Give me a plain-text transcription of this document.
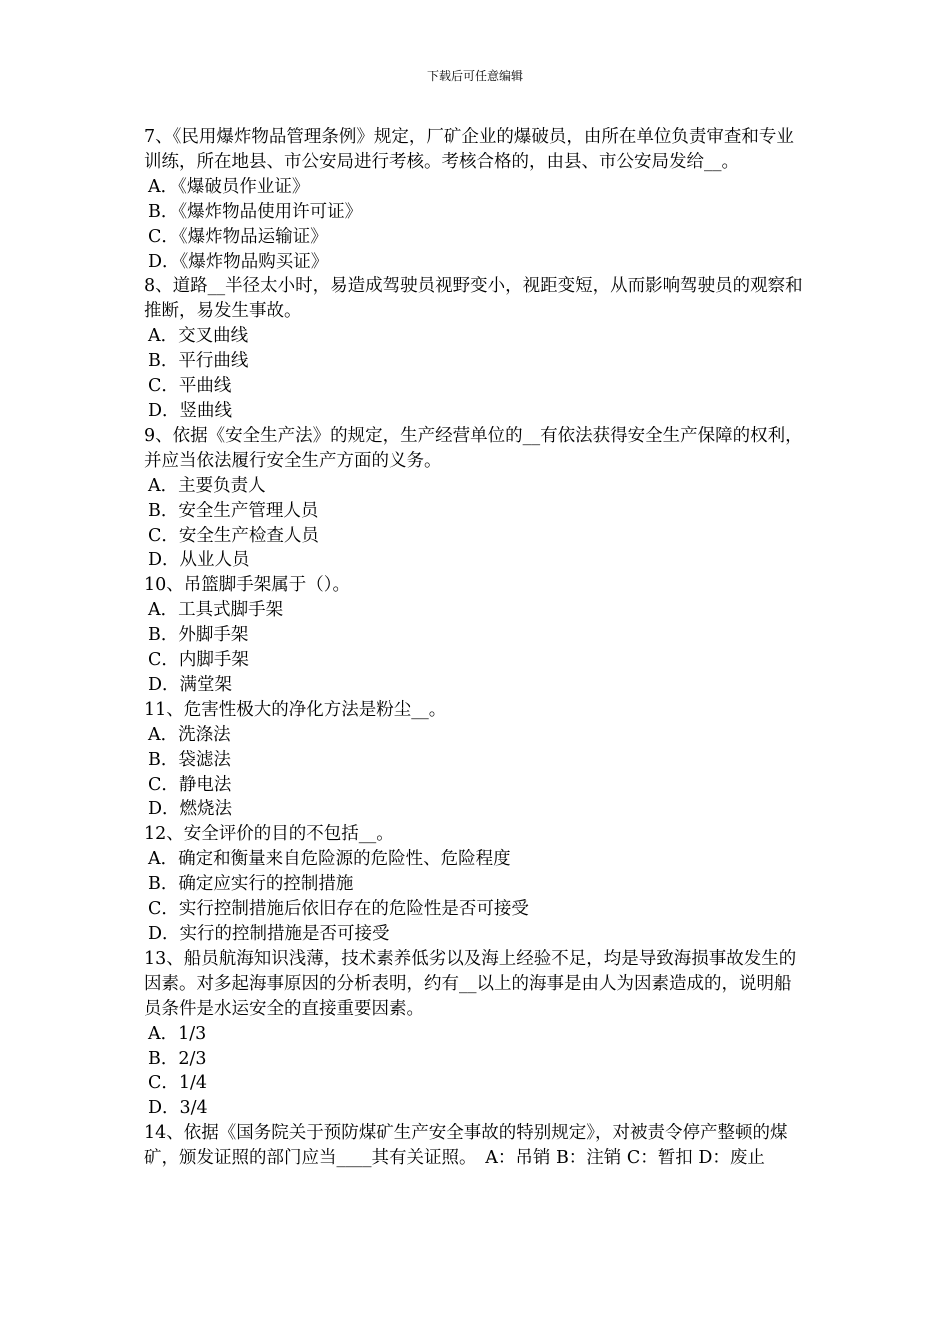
下载后可任意编辑

7、《民用爆炸物品管理条例》规定，厂矿企业的爆破员，由所在单位负责审查和专业训练，所在地县、市公安局进行考核。考核合格的，由县、市公安局发给__。

A．《爆破员作业证》

B．《爆炸物品使用许可证》

C．《爆炸物品运输证》

D．《爆炸物品购买证》

8、道路__半径太小时，易造成驾驶员视野变小，视距变短，从而影响驾驶员的观察和推断，易发生事故。

A．交叉曲线

B．平行曲线

C．平曲线

D．竖曲线

9、依据《安全生产法》的规定，生产经营单位的__有依法获得安全生产保障的权利，并应当依法履行安全生产方面的义务。

A．主要负责人

B．安全生产管理人员

C．安全生产检查人员

D．从业人员

10、吊篮脚手架属于（）。

A．工具式脚手架

B．外脚手架

C．内脚手架

D．满堂架

11、危害性极大的净化方法是粉尘__。

A．洗涤法

B．袋滤法

C．静电法

D．燃烧法

12、安全评价的目的不包括__。

A．确定和衡量来自危险源的危险性、危险程度

B．确定应实行的控制措施

C．实行控制措施后依旧存在的危险性是否可接受

D．实行的控制措施是否可接受

13、船员航海知识浅薄，技术素养低劣以及海上经验不足，均是导致海损事故发生的因素。对多起海事原因的分析表明，约有__以上的海事是由人为因素造成的，说明船员条件是水运安全的直接重要因素。

A．1/3

B．2/3

C．1/4

D．3/4

14、依据《国务院关于预防煤矿生产安全事故的特别规定》，对被责令停产整顿的煤矿，颁发证照的部门应当____其有关证照。　A：吊销 B：注销 C：暂扣 D：废止
